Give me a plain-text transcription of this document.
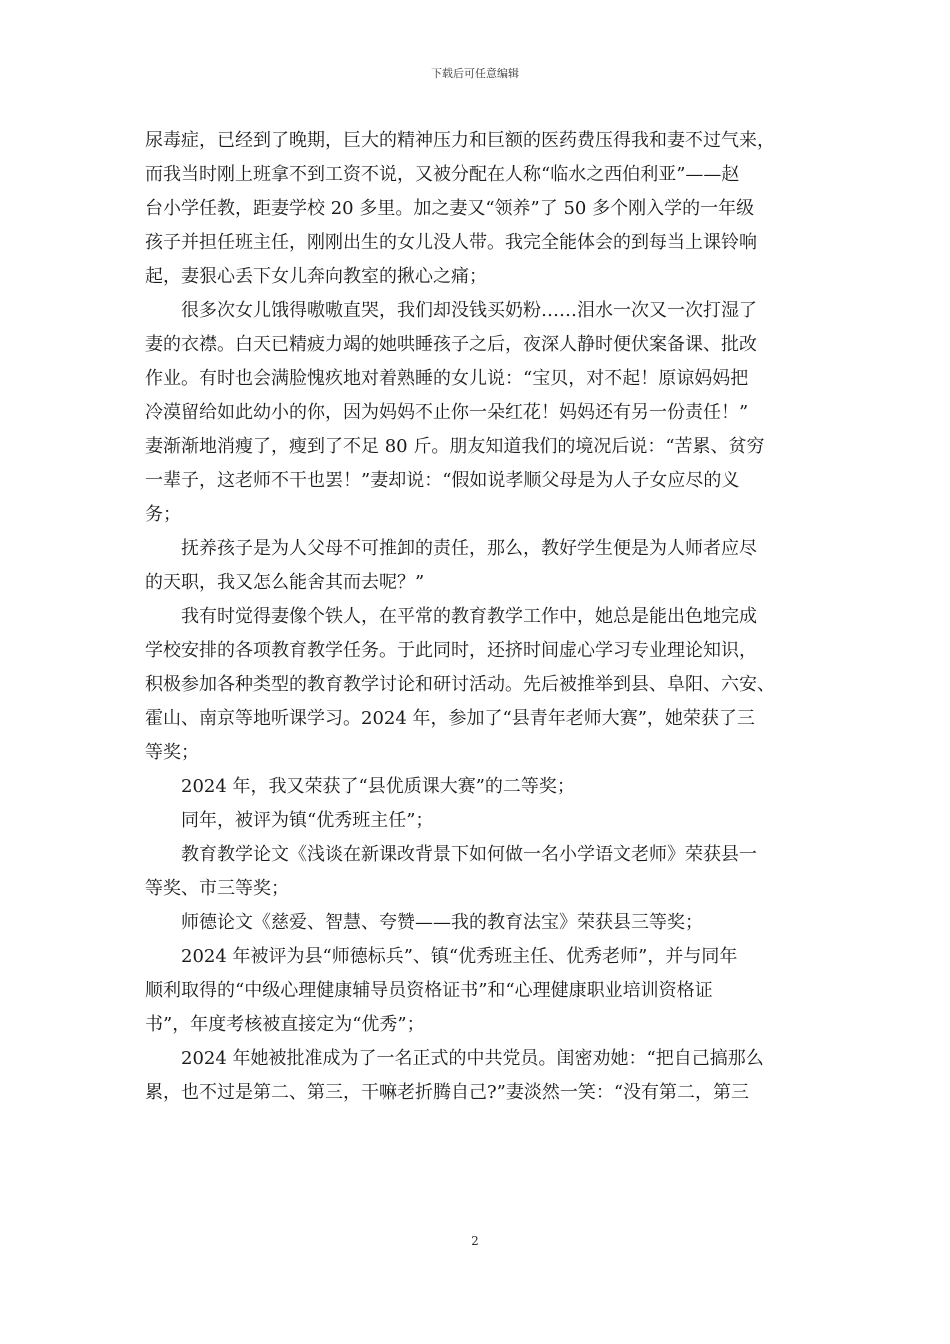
下载后可任意编辑
尿毒症，已经到了晚期，巨大的精神压力和巨额的医药费压得我和妻不过气来，
而我当时刚上班拿不到工资不说，又被分配在人称“临水之西伯利亚”——赵
台小学任教，距妻学校 20 多里。加之妻又“领养”了 50 多个刚入学的一年级
孩子并担任班主任，刚刚出生的女儿没人带。我完全能体会的到每当上课铃响
起，妻狠心丢下女儿奔向教室的揪心之痛；
很多次女儿饿得嗷嗷直哭，我们却没钱买奶粉……泪水一次又一次打湿了
妻的衣襟。白天已精疲力竭的她哄睡孩子之后，夜深人静时便伏案备课、批改
作业。有时也会满脸愧疚地对着熟睡的女儿说：“宝贝，对不起！原谅妈妈把
冷漠留给如此幼小的你，因为妈妈不止你一朵红花！妈妈还有另一份责任！”
妻渐渐地消瘦了，瘦到了不足 80 斤。朋友知道我们的境况后说：“苦累、贫穷
一辈子，这老师不干也罢！”妻却说：“假如说孝顺父母是为人子女应尽的义
务；
抚养孩子是为人父母不可推卸的责任，那么，教好学生便是为人师者应尽
的天职，我又怎么能舍其而去呢？”
我有时觉得妻像个铁人，在平常的教育教学工作中，她总是能出色地完成
学校安排的各项教育教学任务。于此同时，还挤时间虚心学习专业理论知识，
积极参加各种类型的教育教学讨论和研讨活动。先后被推举到县、阜阳、六安、
霍山、南京等地听课学习。2024 年，参加了“县青年老师大赛”，她荣获了三
等奖；
2024 年，我又荣获了“县优质课大赛”的二等奖；
同年，被评为镇“优秀班主任”；
教育教学论文《浅谈在新课改背景下如何做一名小学语文老师》荣获县一
等奖、市三等奖；
师德论文《慈爱、智慧、夸赞——我的教育法宝》荣获县三等奖；
2024 年被评为县“师德标兵”、镇“优秀班主任、优秀老师”，并与同年
顺利取得的“中级心理健康辅导员资格证书”和“心理健康职业培训资格证
书”，年度考核被直接定为“优秀”；
2024 年她被批准成为了一名正式的中共党员。闺密劝她：“把自己搞那么
累，也不过是第二、第三，干嘛老折腾自己?”妻淡然一笑：“没有第二，第三
2
